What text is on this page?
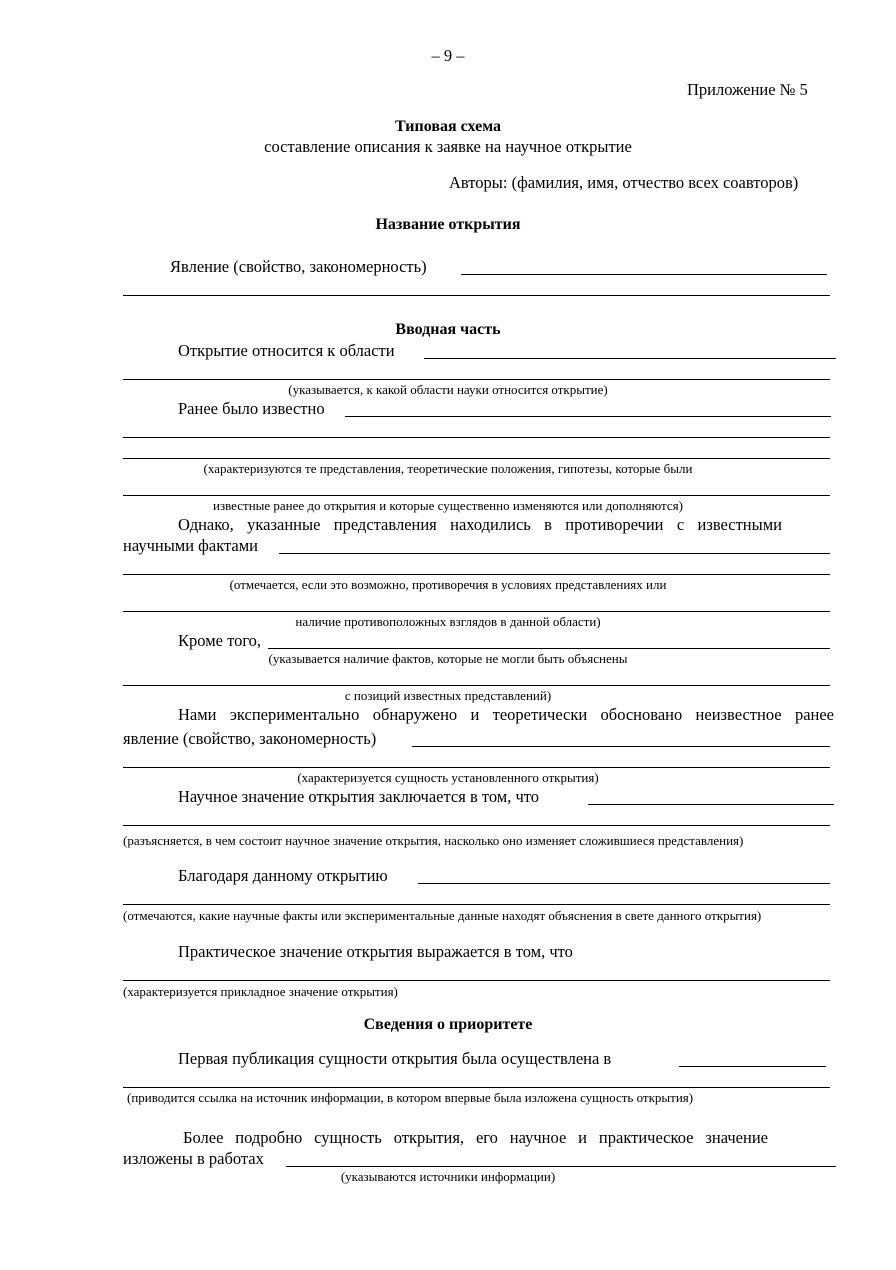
– 9 –
Приложение № 5
Типовая схема
составление описания к заявке на научное открытие
Авторы: (фамилия, имя, отчество всех соавторов)
Название открытия
Явление (свойство, закономерность)
Вводная часть
Открытие относится к области
(указывается, к какой области науки относится открытие)
Ранее было известно
(характеризуются те представления, теоретические положения, гипотезы, которые были
известные ранее до открытия и которые существенно изменяются или дополняются)
Однако, указанные представления находились в противоречии с известными
научными фактами
(отмечается, если это возможно, противоречия в условиях представлениях или
наличие противоположных взглядов в данной области)
Кроме того,
(указывается наличие фактов, которые не могли быть объяснены
с позиций известных представлений)
Нами экспериментально обнаружено и теоретически обосновано неизвестное ранее
явление (свойство, закономерность)
(характеризуется сущность установленного открытия)
Научное значение открытия заключается в том, что
(разъясняется, в чем состоит научное значение открытия, насколько оно изменяет сложившиеся представления)
Благодаря данному открытию
(отмечаются, какие научные факты или экспериментальные данные находят объяснения в свете данного открытия)
Практическое значение открытия выражается в том, что
(характеризуется прикладное значение открытия)
Сведения о приоритете
Первая публикация сущности открытия была осуществлена в
(приводится ссылка на источник информации, в котором впервые была изложена сущность открытия)
Более подробно сущность открытия, его научное и практическое значение
изложены в работах
(указываются источники информации)
